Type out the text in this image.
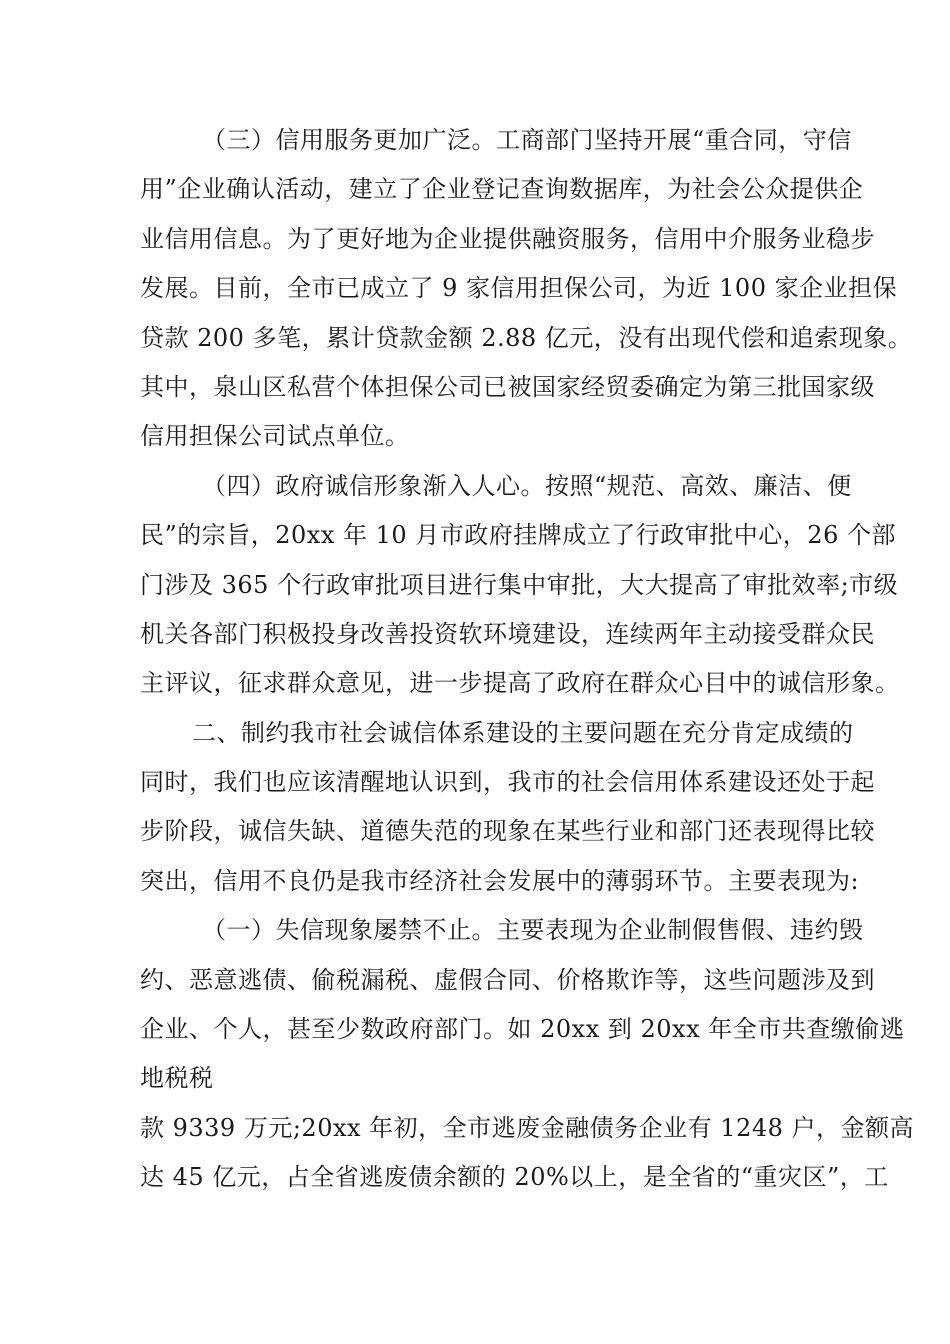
（三）信用服务更加广泛。工商部门坚持开展“重合同，守信
用”企业确认活动，建立了企业登记查询数据库，为社会公众提供企
业信用信息。为了更好地为企业提供融资服务，信用中介服务业稳步
发展。目前，全市已成立了 9 家信用担保公司，为近 100 家企业担保
贷款 200 多笔，累计贷款金额 2.88 亿元，没有出现代偿和追索现象。
其中，泉山区私营个体担保公司已被国家经贸委确定为第三批国家级
信用担保公司试点单位。
（四）政府诚信形象渐入人心。按照“规范、高效、廉洁、便
民”的宗旨，20xx 年 10 月市政府挂牌成立了行政审批中心，26 个部
门涉及 365 个行政审批项目进行集中审批，大大提高了审批效率;市级
机关各部门积极投身改善投资软环境建设，连续两年主动接受群众民
主评议，征求群众意见，进一步提高了政府在群众心目中的诚信形象。
二、制约我市社会诚信体系建设的主要问题在充分肯定成绩的
同时，我们也应该清醒地认识到，我市的社会信用体系建设还处于起
步阶段，诚信失缺、道德失范的现象在某些行业和部门还表现得比较
突出，信用不良仍是我市经济社会发展中的薄弱环节。主要表现为:
（一）失信现象屡禁不止。主要表现为企业制假售假、违约毁
约、恶意逃债、偷税漏税、虚假合同、价格欺诈等，这些问题涉及到
企业、个人，甚至少数政府部门。如 20xx 到 20xx 年全市共查缴偷逃
地税税
款 9339 万元;20xx 年初，全市逃废金融债务企业有 1248 户，金额高
达 45 亿元，占全省逃废债余额的 20%以上，是全省的“重灾区”，工
